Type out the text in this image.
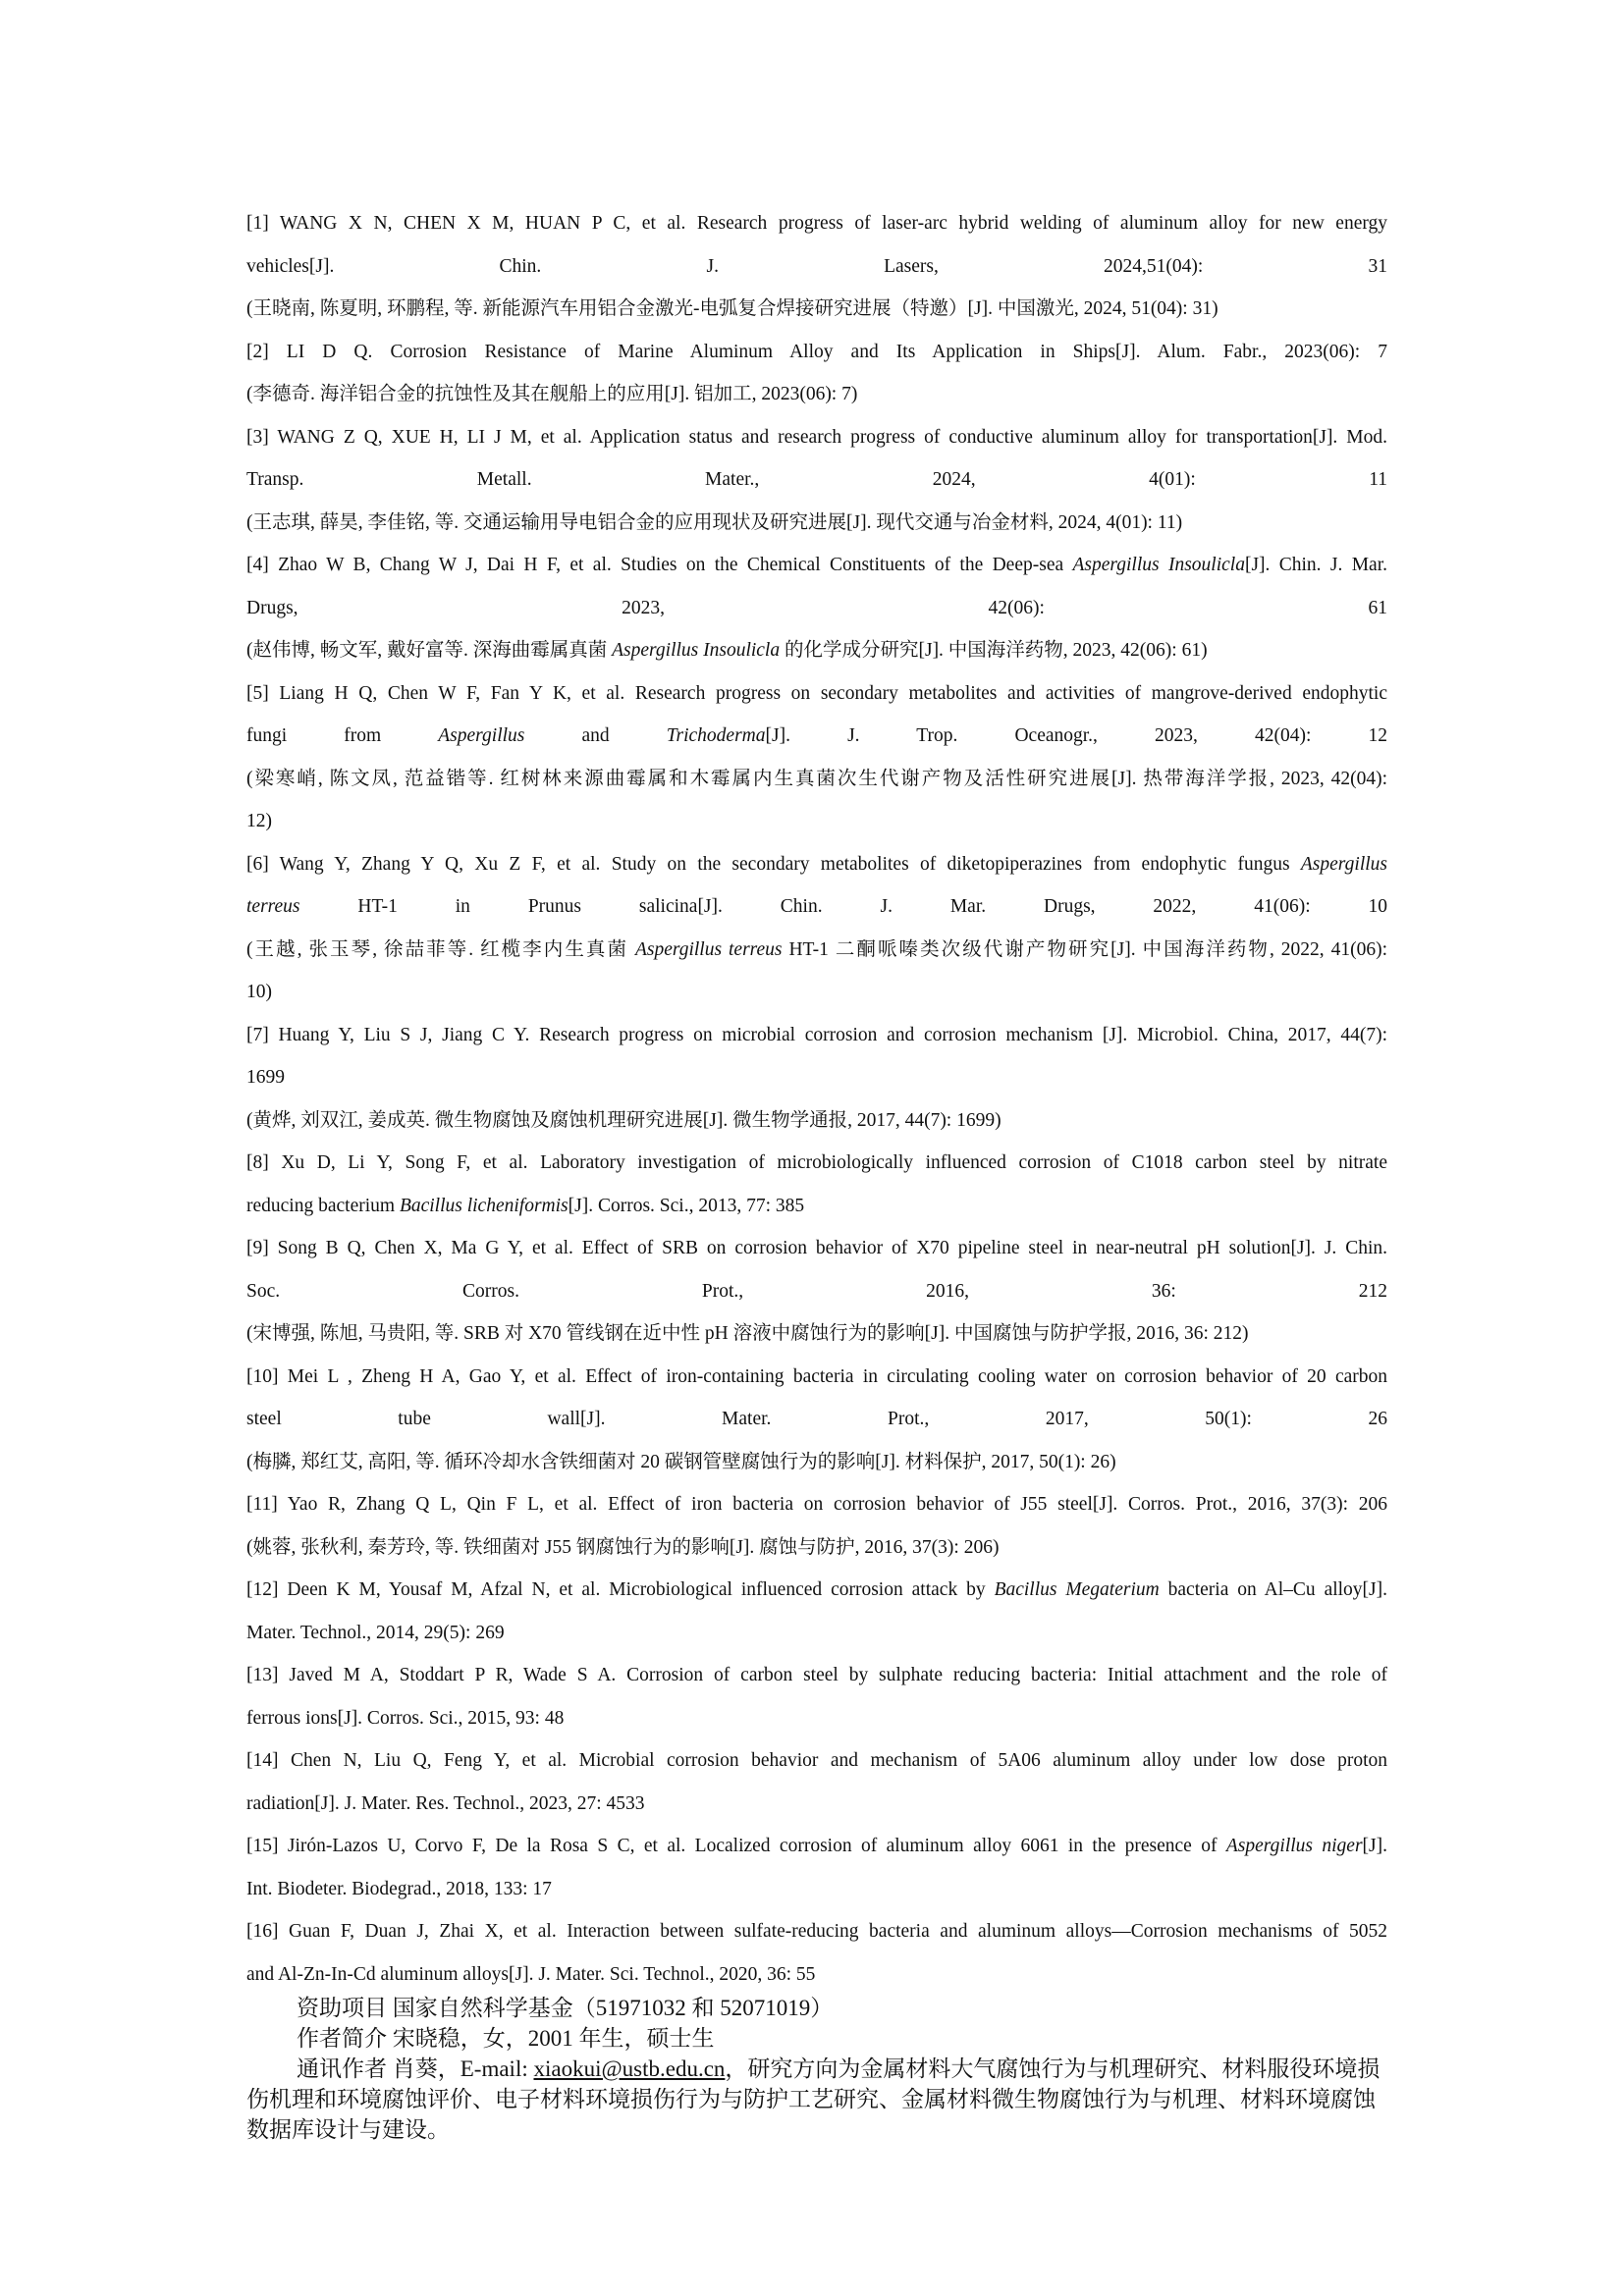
[1] WANG X N, CHEN X M, HUAN P C, et al. Research progress of laser-arc hybrid welding of aluminum alloy for new energy
vehicles[J]. Chin. J. Lasers, 2024,51(04): 31
(王晓南, 陈夏明, 环鹏程, 等. 新能源汽车用铝合金激光-电弧复合焊接研究进展（特邀）[J]. 中国激光, 2024, 51(04): 31)
[2] LI D Q. Corrosion Resistance of Marine Aluminum Alloy and Its Application in Ships[J]. Alum. Fabr., 2023(06): 7
(李德奇. 海洋铝合金的抗蚀性及其在舰船上的应用[J]. 铝加工, 2023(06): 7)
[3] WANG Z Q, XUE H, LI J M, et al. Application status and research progress of conductive aluminum alloy for transportation[J]. Mod.
Transp. Metall. Mater., 2024, 4(01): 11
(王志琪, 薛昊, 李佳铭, 等. 交通运输用导电铝合金的应用现状及研究进展[J]. 现代交通与冶金材料, 2024, 4(01): 11)
[4] Zhao W B, Chang W J, Dai H F, et al. Studies on the Chemical Constituents of the Deep-sea Aspergillus Insoulicla[J]. Chin. J. Mar.
Drugs, 2023, 42(06): 61
(赵伟博, 畅文军, 戴好富等. 深海曲霉属真菌 Aspergillus Insoulicla 的化学成分研究[J]. 中国海洋药物, 2023, 42(06): 61)
[5] Liang H Q, Chen W F, Fan Y K, et al. Research progress on secondary metabolites and activities of mangrove-derived endophytic
fungi from Aspergillus and Trichoderma[J]. J. Trop. Oceanogr., 2023, 42(04): 12
(梁寒峭, 陈文凤, 范益锴等. 红树林来源曲霉属和木霉属内生真菌次生代谢产物及活性研究进展[J]. 热带海洋学报, 2023, 42(04):
12)
[6] Wang Y, Zhang Y Q, Xu Z F, et al. Study on the secondary metabolites of diketopiperazines from endophytic fungus Aspergillus
terreus HT-1 in Prunus salicina[J]. Chin. J. Mar. Drugs, 2022, 41(06): 10
(王越, 张玉琴, 徐喆菲等. 红榄李内生真菌 Aspergillus terreus HT-1 二酮哌嗪类次级代谢产物研究[J]. 中国海洋药物, 2022, 41(06):
10)
[7] Huang Y, Liu S J, Jiang C Y. Research progress on microbial corrosion and corrosion mechanism [J]. Microbiol. China, 2017, 44(7):
1699
(黄烨, 刘双江, 姜成英. 微生物腐蚀及腐蚀机理研究进展[J]. 微生物学通报, 2017, 44(7): 1699)
[8] Xu D, Li Y, Song F, et al. Laboratory investigation of microbiologically influenced corrosion of C1018 carbon steel by nitrate
reducing bacterium Bacillus licheniformis[J]. Corros. Sci., 2013, 77: 385
[9] Song B Q, Chen X, Ma G Y, et al. Effect of SRB on corrosion behavior of X70 pipeline steel in near-neutral pH solution[J]. J. Chin.
Soc. Corros. Prot., 2016, 36: 212
(宋博强, 陈旭, 马贵阳, 等. SRB 对 X70 管线钢在近中性 pH 溶液中腐蚀行为的影响[J]. 中国腐蚀与防护学报, 2016, 36: 212)
[10] Mei L , Zheng H A, Gao Y, et al. Effect of iron-containing bacteria in circulating cooling water on corrosion behavior of 20 carbon
steel tube wall[J]. Mater. Prot., 2017, 50(1): 26
(梅膦, 郑红艾, 高阳, 等. 循环冷却水含铁细菌对 20 碳钢管壁腐蚀行为的影响[J]. 材料保护, 2017, 50(1): 26)
[11] Yao R, Zhang Q L, Qin F L, et al. Effect of iron bacteria on corrosion behavior of J55 steel[J]. Corros. Prot., 2016, 37(3): 206
(姚蓉, 张秋利, 秦芳玲, 等. 铁细菌对 J55 钢腐蚀行为的影响[J]. 腐蚀与防护, 2016, 37(3): 206)
[12] Deen K M, Yousaf M, Afzal N, et al. Microbiological influenced corrosion attack by Bacillus Megaterium bacteria on Al–Cu alloy[J].
Mater. Technol., 2014, 29(5): 269
[13] Javed M A, Stoddart P R, Wade S A. Corrosion of carbon steel by sulphate reducing bacteria: Initial attachment and the role of
ferrous ions[J]. Corros. Sci., 2015, 93: 48
[14] Chen N, Liu Q, Feng Y, et al. Microbial corrosion behavior and mechanism of 5A06 aluminum alloy under low dose proton
radiation[J]. J. Mater. Res. Technol., 2023, 27: 4533
[15] Jirón-Lazos U, Corvo F, De la Rosa S C, et al. Localized corrosion of aluminum alloy 6061 in the presence of Aspergillus niger[J].
Int. Biodeter. Biodegrad., 2018, 133: 17
[16] Guan F, Duan J, Zhai X, et al. Interaction between sulfate-reducing bacteria and aluminum alloys—Corrosion mechanisms of 5052
and Al-Zn-In-Cd aluminum alloys[J]. J. Mater. Sci. Technol., 2020, 36: 55
资助项目 国家自然科学基金（51971032 和 52071019）
作者简介 宋晓稳，女，2001 年生，硕士生
通讯作者 肖葵，E-mail: xiaokui@ustb.edu.cn，研究方向为金属材料大气腐蚀行为与机理研究、材料服役环境损伤机理和环境腐蚀评价、电子材料环境损伤行为与防护工艺研究、金属材料微生物腐蚀行为与机理、材料环境腐蚀数据库设计与建设。
